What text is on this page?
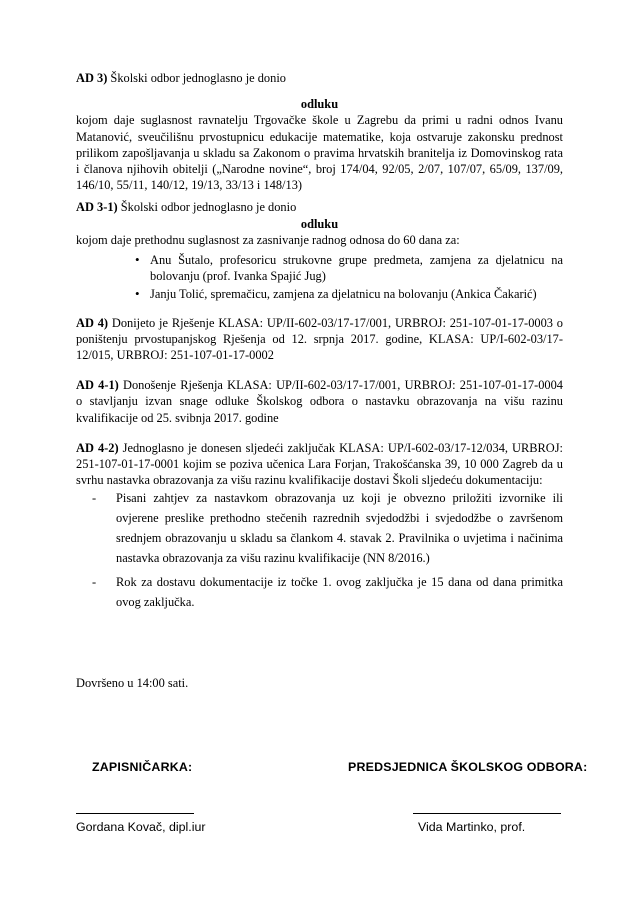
AD 3) Školski odbor jednoglasno je donio

odluku

kojom daje suglasnost ravnatelju Trgovačke škole u Zagrebu da primi u radni odnos Ivanu Matanović, sveučilišnu prvostupnicu edukacije matematike, koja ostvaruje zakonsku prednost prilikom zapošljavanja u skladu sa Zakonom o pravima hrvatskih branitelja iz Domovinskog rata i članova njihovih obitelji („Narodne novine“, broj 174/04, 92/05, 2/07, 107/07, 65/09, 137/09, 146/10, 55/11, 140/12, 19/13, 33/13 i 148/13)

AD 3-1) Školski odbor jednoglasno je donio

odluku

kojom daje prethodnu suglasnost za zasnivanje radnog odnosa do 60 dana za:

• Anu Šutalo, profesoricu strukovne grupe predmeta, zamjena za djelatnicu na bolovanju (prof. Ivanka Spajić Jug)
• Janju Tolić, spremačicu, zamjena za djelatnicu na bolovanju (Ankica Čakarić)

AD 4) Donijeto je Rješenje KLASA: UP/II-602-03/17-17/001, URBROJ: 251-107-01-17-0003 o poništenju prvostupanjskog Rješenja od 12. srpnja 2017. godine, KLASA: UP/I-602-03/17-12/015, URBROJ: 251-107-01-17-0002

AD 4-1) Donošenje Rješenja KLASA: UP/II-602-03/17-17/001, URBROJ: 251-107-01-17-0004 o stavljanju izvan snage odluke Školskog odbora o nastavku obrazovanja na višu razinu kvalifikacije od 25. svibnja 2017. godine

AD 4-2) Jednoglasno je donesen sljedeći zaključak KLASA: UP/I-602-03/17-12/034, URBROJ: 251-107-01-17-0001 kojim se poziva učenica Lara Forjan, Trakošćanska 39, 10 000 Zagreb da u svrhu nastavka obrazovanja za višu razinu kvalifikacije dostavi Školi sljedeću dokumentaciju:

- Pisani zahtjev za nastavkom obrazovanja uz koji je obvezno priložiti izvornike ili ovjerene preslike prethodno stečenih razrednih svjedodžbi i svjedodžbe o završenom srednjem obrazovanju u skladu sa člankom 4. stavak 2. Pravilnika o uvjetima i načinima nastavka obrazovanja za višu razinu kvalifikacije (NN 8/2016.)
- Rok za dostavu dokumentacije iz točke 1. ovog zaključka je 15 dana od dana primitka ovog zaključka.
Dovršeno u 14:00 sati.
ZAPISNIČARKA:	PREDSJEDNICA ŠKOLSKOG ODBORA:
Gordana Kovač, dipl.iur	Vida Martinko, prof.
